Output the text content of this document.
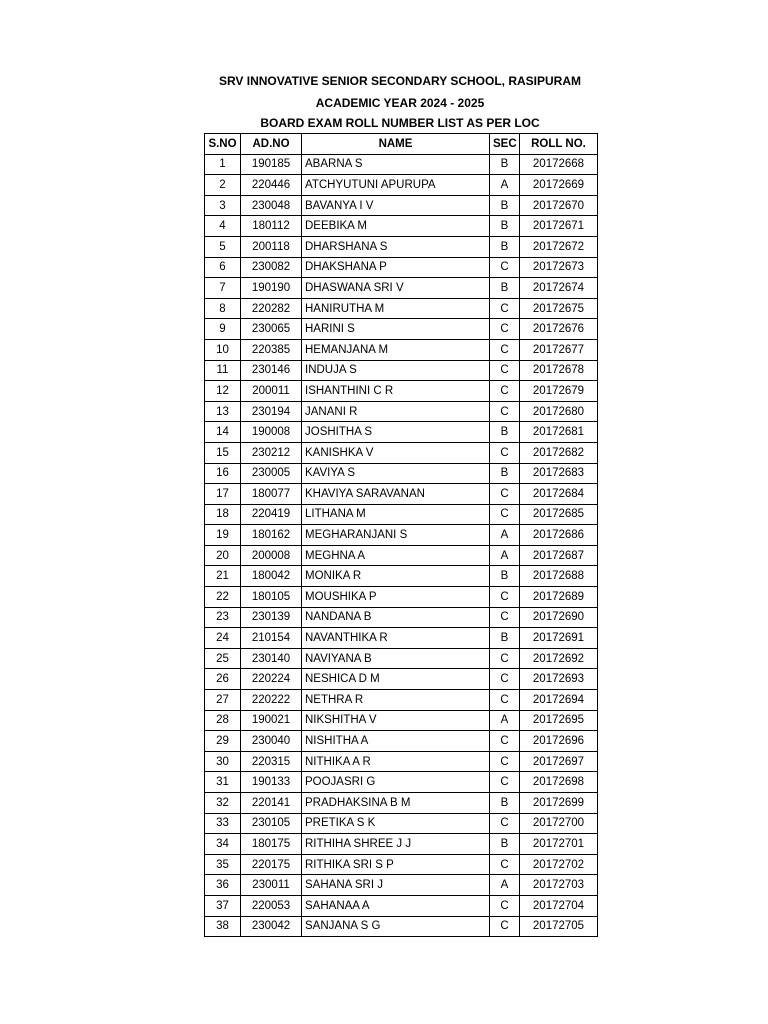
SRV INNOVATIVE SENIOR SECONDARY SCHOOL, RASIPURAM
ACADEMIC YEAR 2024 - 2025
BOARD EXAM ROLL NUMBER LIST AS PER LOC
S.NO	AD.NO	NAME	SEC	ROLL NO.
1	190185	ABARNA S	B	20172668
2	220446	ATCHYUTUNI APURUPA	A	20172669
3	230048	BAVANYA I V	B	20172670
4	180112	DEEBIKA M	B	20172671
5	200118	DHARSHANA S	B	20172672
6	230082	DHAKSHANA P	C	20172673
7	190190	DHASWANA SRI V	B	20172674
8	220282	HANIRUTHA M	C	20172675
9	230065	HARINI S	C	20172676
10	220385	HEMANJANA M	C	20172677
11	230146	INDUJA S	C	20172678
12	200011	ISHANTHINI C R	C	20172679
13	230194	JANANI R	C	20172680
14	190008	JOSHITHA S	B	20172681
15	230212	KANISHKA V	C	20172682
16	230005	KAVIYA S	B	20172683
17	180077	KHAVIYA SARAVANAN	C	20172684
18	220419	LITHANA M	C	20172685
19	180162	MEGHARANJANI S	A	20172686
20	200008	MEGHNA A	A	20172687
21	180042	MONIKA R	B	20172688
22	180105	MOUSHIKA P	C	20172689
23	230139	NANDANA B	C	20172690
24	210154	NAVANTHIKA R	B	20172691
25	230140	NAVIYANA B	C	20172692
26	220224	NESHICA D M	C	20172693
27	220222	NETHRA R	C	20172694
28	190021	NIKSHITHA V	A	20172695
29	230040	NISHITHA A	C	20172696
30	220315	NITHIKA A R	C	20172697
31	190133	POOJASRI G	C	20172698
32	220141	PRADHAKSINA B M	B	20172699
33	230105	PRETIKA S K	C	20172700
34	180175	RITHIHA SHREE J J	B	20172701
35	220175	RITHIKA SRI S P	C	20172702
36	230011	SAHANA SRI J	A	20172703
37	220053	SAHANAA A	C	20172704
38	230042	SANJANA S G	C	20172705
